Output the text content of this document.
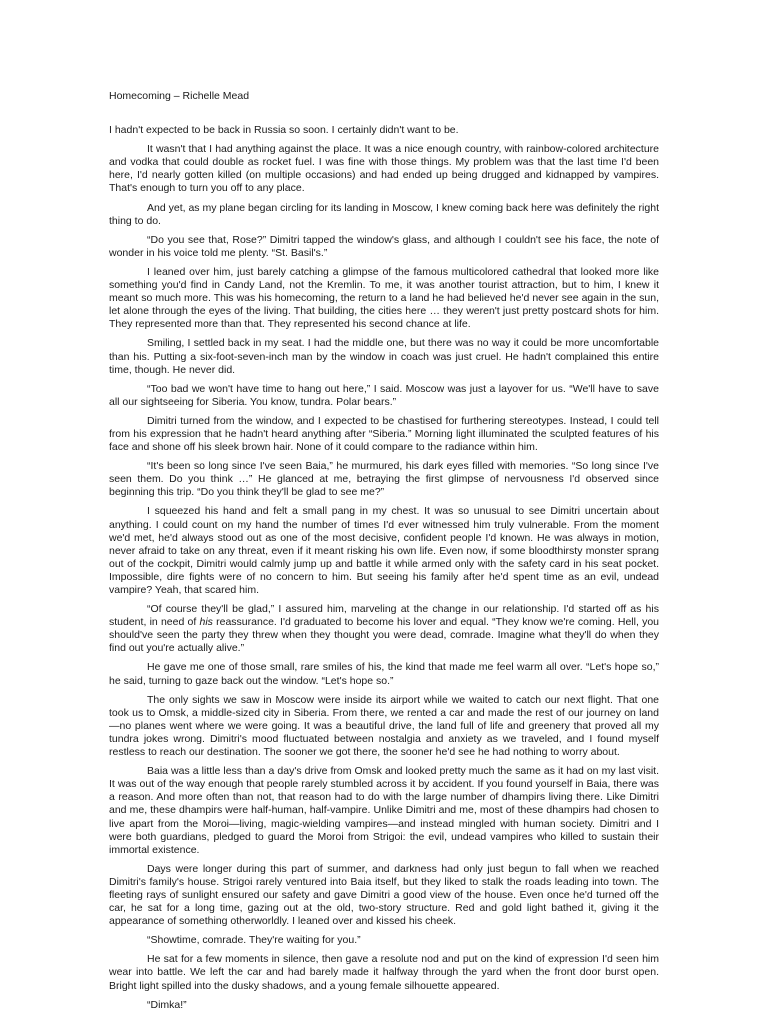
Homecoming – Richelle Mead

I hadn't expected to be back in Russia so soon. I certainly didn't want to be.

It wasn't that I had anything against the place. It was a nice enough country, with rainbow-colored architecture and vodka that could double as rocket fuel. I was fine with those things. My problem was that the last time I'd been here, I'd nearly gotten killed (on multiple occasions) and had ended up being drugged and kidnapped by vampires. That's enough to turn you off to any place.

And yet, as my plane began circling for its landing in Moscow, I knew coming back here was definitely the right thing to do.

“Do you see that, Rose?” Dimitri tapped the window's glass, and although I couldn't see his face, the note of wonder in his voice told me plenty. “St. Basil's.”

I leaned over him, just barely catching a glimpse of the famous multicolored cathedral that looked more like something you'd find in Candy Land, not the Kremlin. To me, it was another tourist attraction, but to him, I knew it meant so much more. This was his homecoming, the return to a land he had believed he'd never see again in the sun, let alone through the eyes of the living. That building, the cities here … they weren't just pretty postcard shots for him. They represented more than that. They represented his second chance at life.

Smiling, I settled back in my seat. I had the middle one, but there was no way it could be more uncomfortable than his. Putting a six-foot-seven-inch man by the window in coach was just cruel. He hadn't complained this entire time, though. He never did.

“Too bad we won't have time to hang out here,” I said. Moscow was just a layover for us. “We'll have to save all our sightseeing for Siberia. You know, tundra. Polar bears.”

Dimitri turned from the window, and I expected to be chastised for furthering stereotypes. Instead, I could tell from his expression that he hadn't heard anything after “Siberia.” Morning light illuminated the sculpted features of his face and shone off his sleek brown hair. None of it could compare to the radiance within him.

“It's been so long since I've seen Baia,” he murmured, his dark eyes filled with memories. “So long since I've seen them. Do you think …” He glanced at me, betraying the first glimpse of nervousness I'd observed since beginning this trip. “Do you think they'll be glad to see me?”

I squeezed his hand and felt a small pang in my chest. It was so unusual to see Dimitri uncertain about anything. I could count on my hand the number of times I'd ever witnessed him truly vulnerable. From the moment we'd met, he'd always stood out as one of the most decisive, confident people I'd known. He was always in motion, never afraid to take on any threat, even if it meant risking his own life. Even now, if some bloodthirsty monster sprang out of the cockpit, Dimitri would calmly jump up and battle it while armed only with the safety card in his seat pocket. Impossible, dire fights were of no concern to him. But seeing his family after he'd spent time as an evil, undead vampire? Yeah, that scared him.

“Of course they'll be glad,” I assured him, marveling at the change in our relationship. I'd started off as his student, in need of his reassurance. I'd graduated to become his lover and equal. “They know we're coming. Hell, you should've seen the party they threw when they thought you were dead, comrade. Imagine what they'll do when they find out you're actually alive.”

He gave me one of those small, rare smiles of his, the kind that made me feel warm all over. “Let's hope so,” he said, turning to gaze back out the window. “Let's hope so.”

The only sights we saw in Moscow were inside its airport while we waited to catch our next flight. That one took us to Omsk, a middle-sized city in Siberia. From there, we rented a car and made the rest of our journey on land—no planes went where we were going. It was a beautiful drive, the land full of life and greenery that proved all my tundra jokes wrong. Dimitri's mood fluctuated between nostalgia and anxiety as we traveled, and I found myself restless to reach our destination. The sooner we got there, the sooner he'd see he had nothing to worry about.

Baia was a little less than a day's drive from Omsk and looked pretty much the same as it had on my last visit. It was out of the way enough that people rarely stumbled across it by accident. If you found yourself in Baia, there was a reason. And more often than not, that reason had to do with the large number of dhampirs living there. Like Dimitri and me, these dhampirs were half-human, half-vampire. Unlike Dimitri and me, most of these dhampirs had chosen to live apart from the Moroi—living, magic-wielding vampires—and instead mingled with human society. Dimitri and I were both guardians, pledged to guard the Moroi from Strigoi: the evil, undead vampires who killed to sustain their immortal existence.

Days were longer during this part of summer, and darkness had only just begun to fall when we reached Dimitri's family's house. Strigoi rarely ventured into Baia itself, but they liked to stalk the roads leading into town. The fleeting rays of sunlight ensured our safety and gave Dimitri a good view of the house. Even once he'd turned off the car, he sat for a long time, gazing out at the old, two-story structure. Red and gold light bathed it, giving it the appearance of something otherworldly. I leaned over and kissed his cheek.

“Showtime, comrade. They're waiting for you.”

He sat for a few moments in silence, then gave a resolute nod and put on the kind of expression I'd seen him wear into battle. We left the car and had barely made it halfway through the yard when the front door burst open. Bright light spilled into the dusky shadows, and a young female silhouette appeared.

“Dimka!”
